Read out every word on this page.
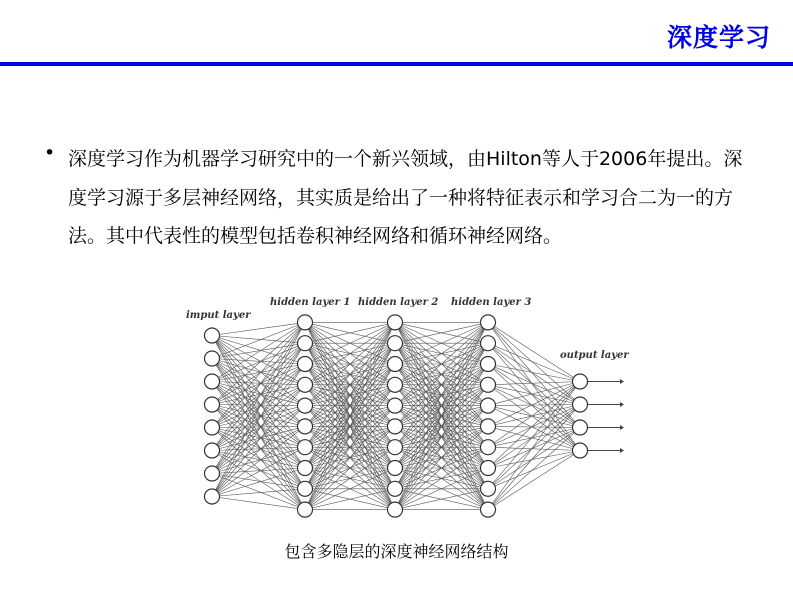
深度学习
• 深度学习作为机器学习研究中的一个新兴领域，由Hilton等人于2006年提出。深度学习源于多层神经网络，其实质是给出了一种将特征表示和学习合二为一的方法。其中代表性的模型包括卷积神经网络和循环神经网络。
imput layer
hidden layer 1 hidden layer 2 hidden layer 3
output layer
包含多隐层的深度神经网络结构
